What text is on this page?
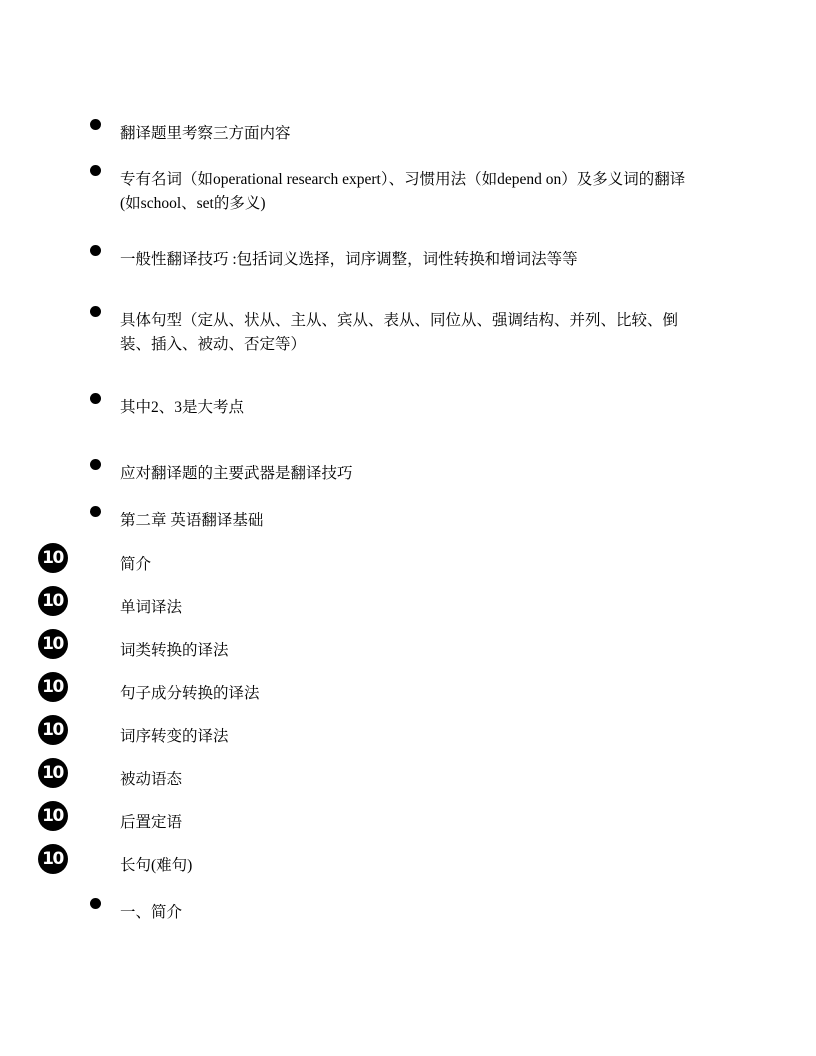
翻译题里考察三方面内容
专有名词（如operational research expert）、习惯用法（如depend on）及多义词的翻译 (如school、set的多义)
一般性翻译技巧 :包括词义选择，词序调整，词性转换和增词法等等
具体句型（定从、状从、主从、宾从、表从、同位从、强调结构、并列、比较、倒装、插入、被动、否定等）
其中2、3是大考点
应对翻译题的主要武器是翻译技巧
第二章 英语翻译基础
10	简介
10	单词译法
10	词类转换的译法
10	句子成分转换的译法
10	词序转变的译法
10	被动语态
10	后置定语
10	长句(难句)
一、简介
